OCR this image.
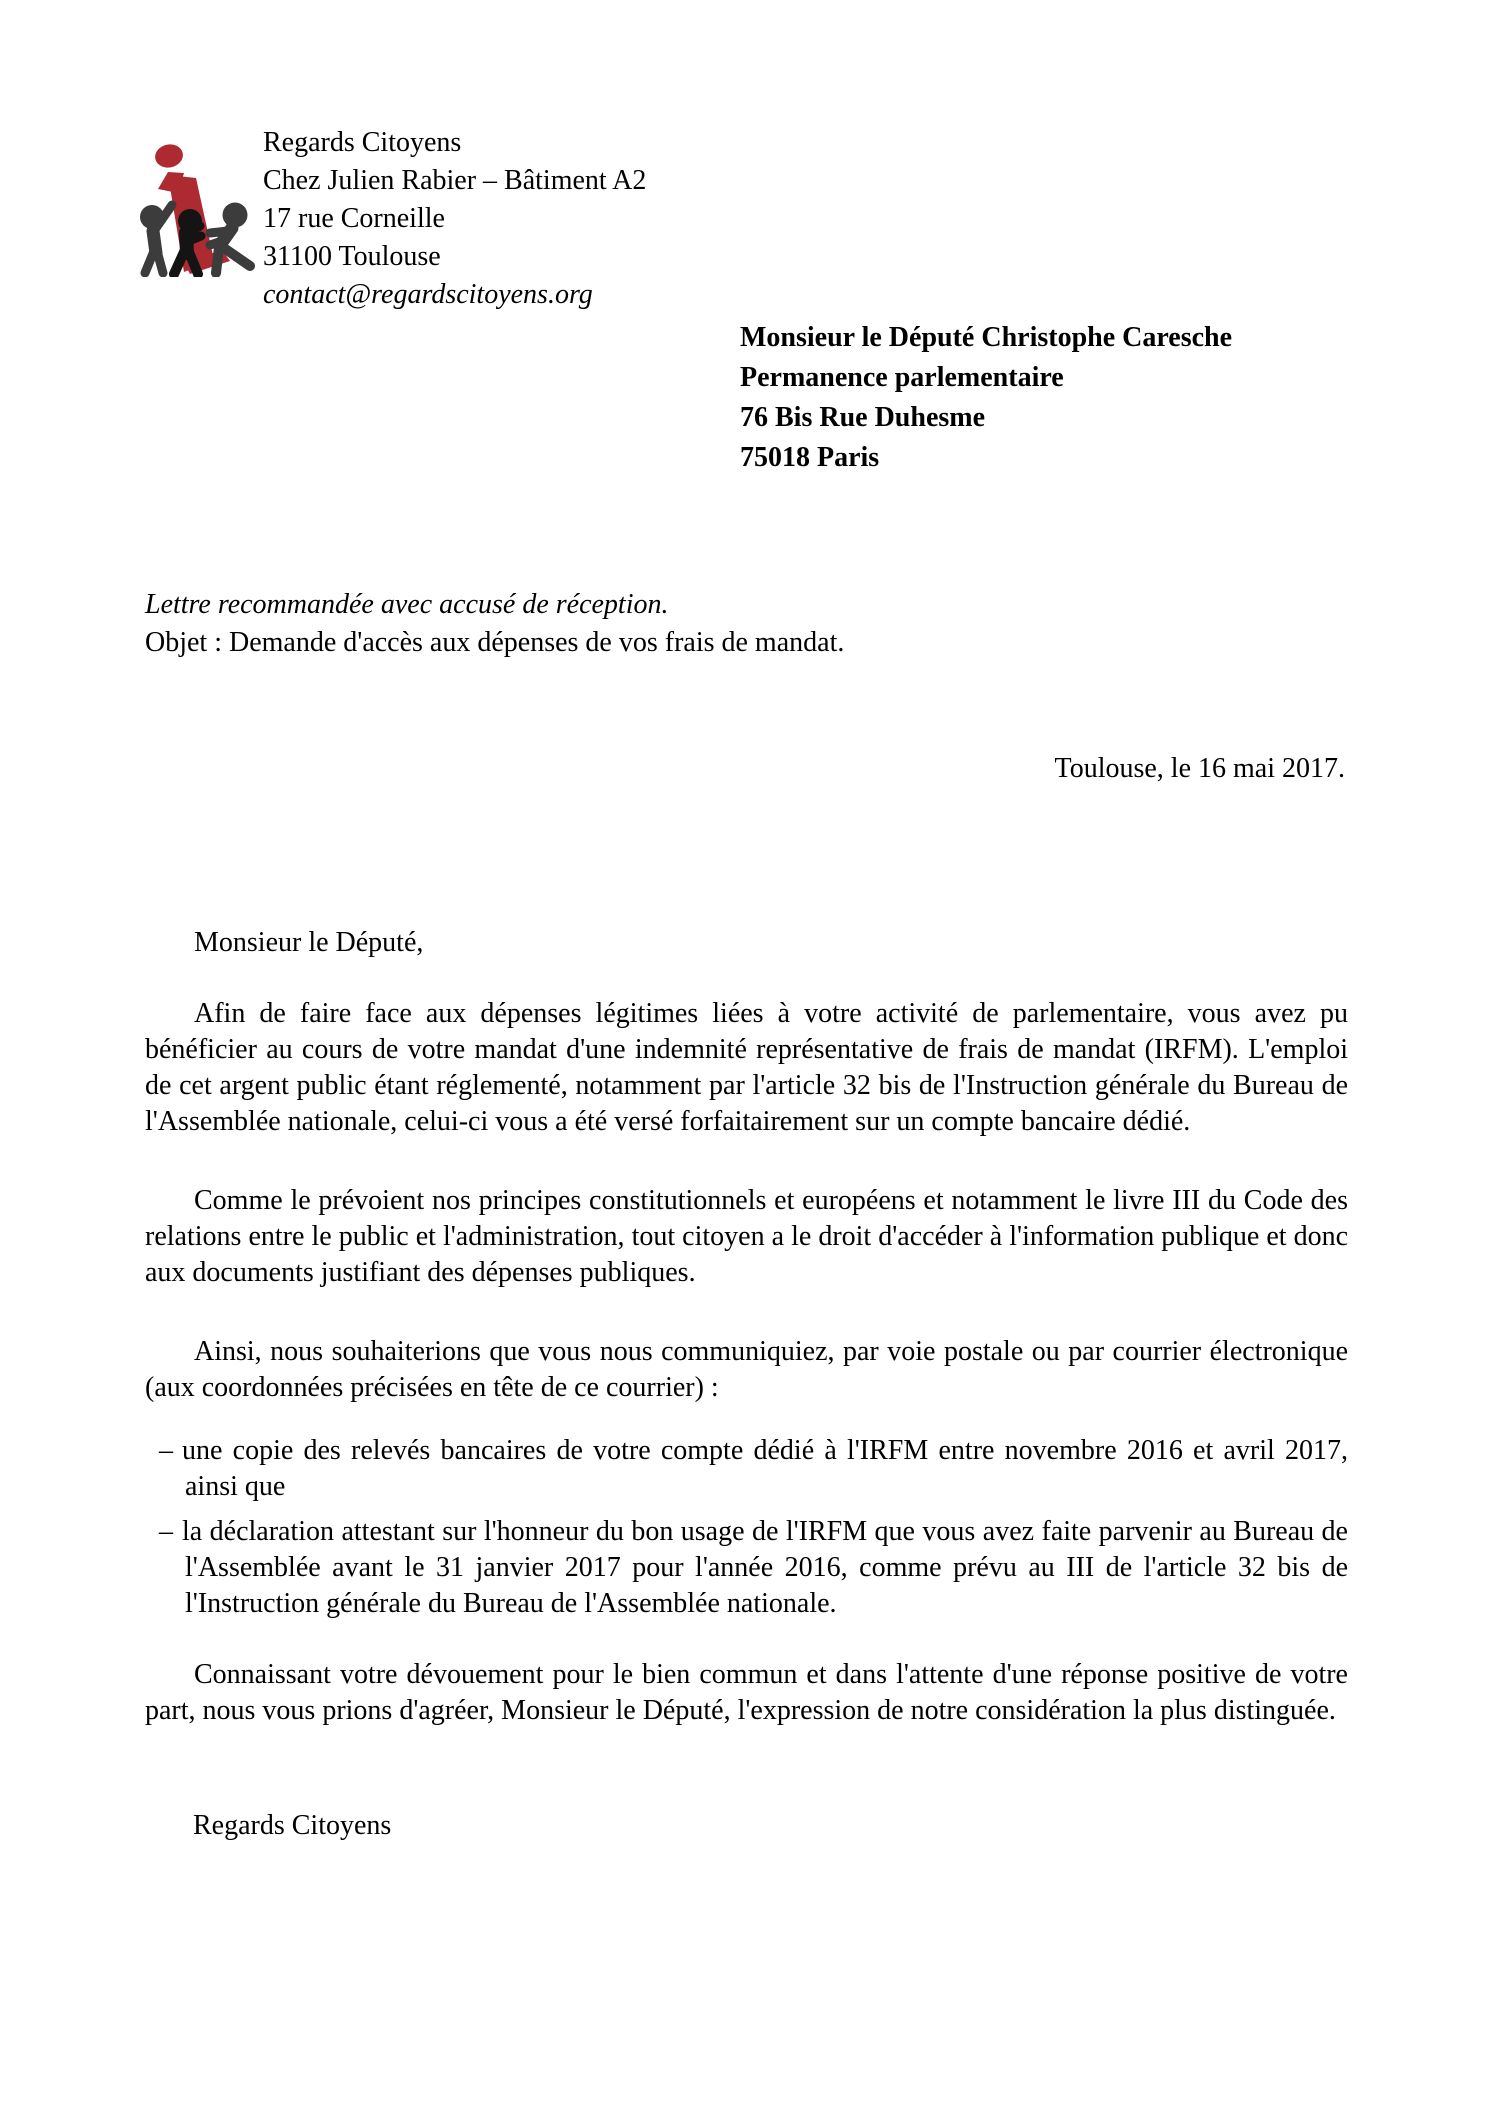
Regards Citoyens
Chez Julien Rabier – Bâtiment A2
17 rue Corneille
31100 Toulouse
contact@regardscitoyens.org
Monsieur le Député Christophe Caresche
Permanence parlementaire
76 Bis Rue Duhesme
75018 Paris
Lettre recommandée avec accusé de réception.
Objet : Demande d'accès aux dépenses de vos frais de mandat.
Toulouse, le 16 mai 2017.
Monsieur le Député,

Afin de faire face aux dépenses légitimes liées à votre activité de parlementaire, vous avez pu bénéficier au cours de votre mandat d'une indemnité représentative de frais de mandat (IRFM). L'emploi de cet argent public étant réglementé, notamment par l'article 32 bis de l'Instruction générale du Bureau de l'Assemblée nationale, celui-ci vous a été versé forfaitairement sur un compte bancaire dédié.

Comme le prévoient nos principes constitutionnels et européens et notamment le livre III du Code des relations entre le public et l'administration, tout citoyen a le droit d'accéder à l'information publique et donc aux documents justifiant des dépenses publiques.

Ainsi, nous souhaiterions que vous nous communiquiez, par voie postale ou par courrier électronique (aux coordonnées précisées en tête de ce courrier) :

– une copie des relevés bancaires de votre compte dédié à l'IRFM entre novembre 2016 et avril 2017, ainsi que
– la déclaration attestant sur l'honneur du bon usage de l'IRFM que vous avez faite parvenir au Bureau de l'Assemblée avant le 31 janvier 2017 pour l'année 2016, comme prévu au III de l'article 32 bis de l'Instruction générale du Bureau de l'Assemblée nationale.

Connaissant votre dévouement pour le bien commun et dans l'attente d'une réponse positive de votre part, nous vous prions d'agréer, Monsieur le Député, l'expression de notre considération la plus distinguée.

Regards Citoyens
